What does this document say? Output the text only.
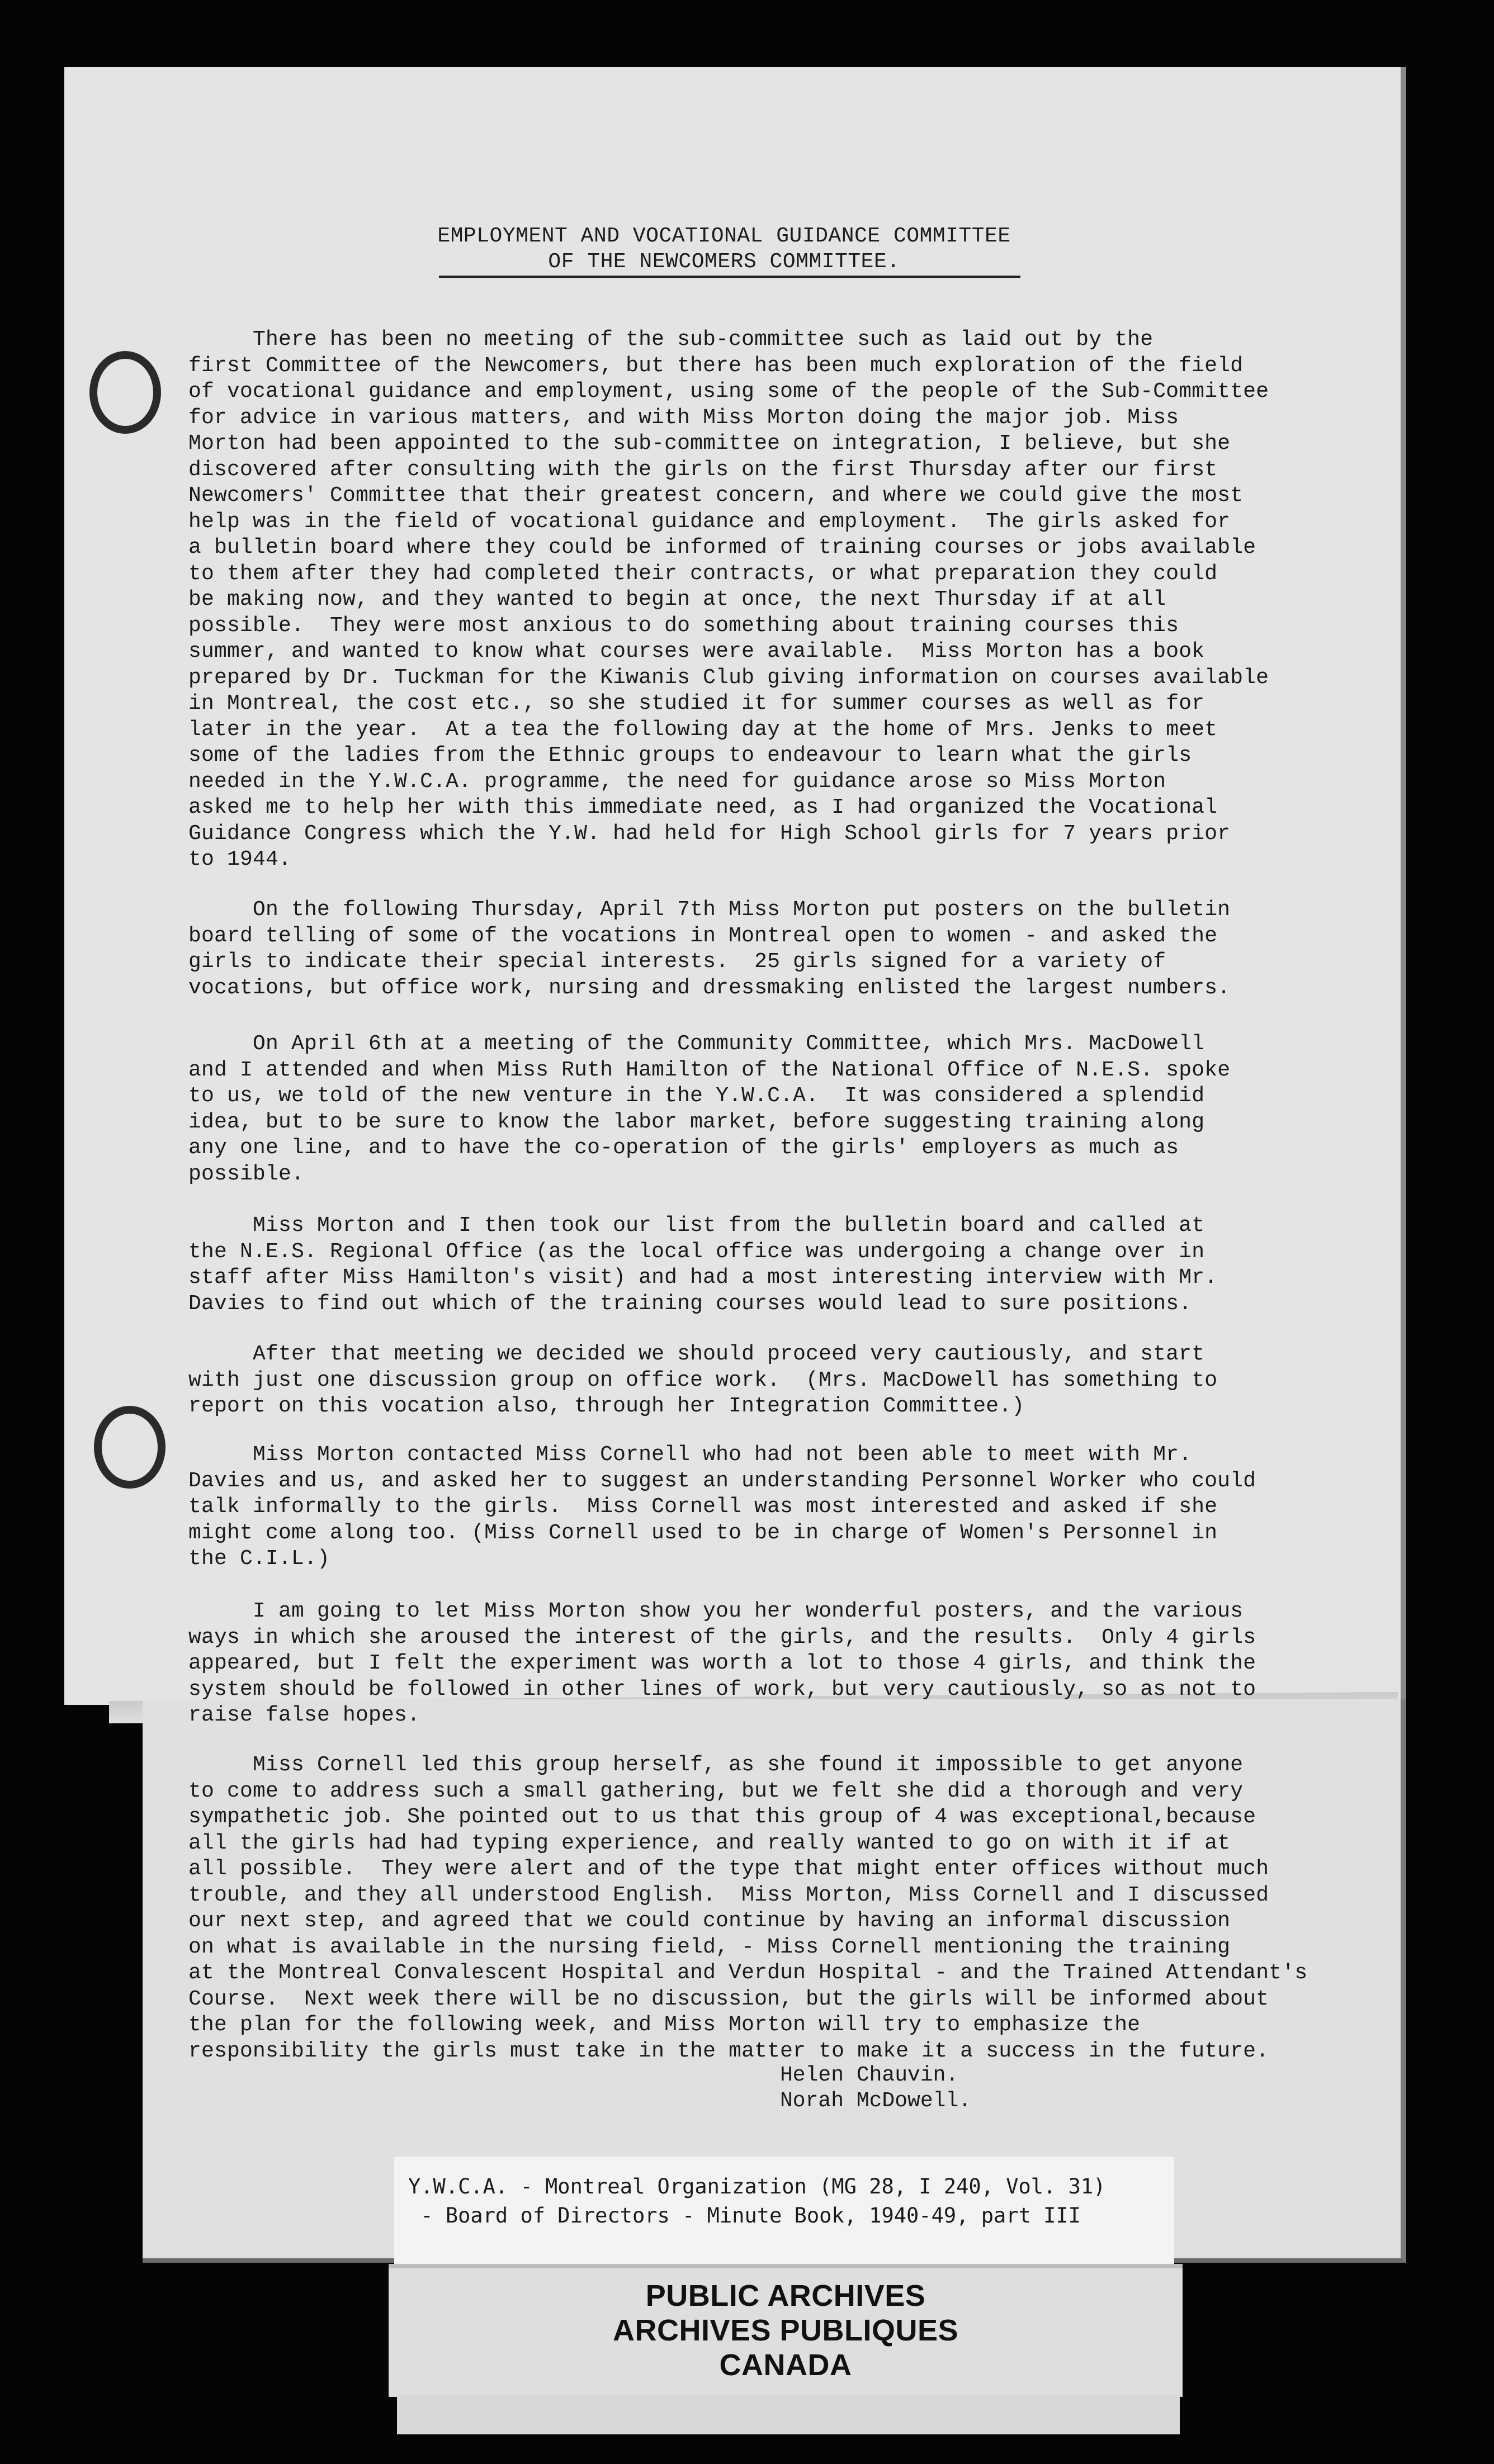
EMPLOYMENT AND VOCATIONAL GUIDANCE COMMITTEE
OF THE NEWCOMERS COMMITTEE.
There has been no meeting of the sub-committee such as laid out by the
first Committee of the Newcomers, but there has been much exploration of the field
of vocational guidance and employment, using some of the people of the Sub-Committee
for advice in various matters, and with Miss Morton doing the major job. Miss
Morton had been appointed to the sub-committee on integration, I believe, but she
discovered after consulting with the girls on the first Thursday after our first
Newcomers' Committee that their greatest concern, and where we could give the most
help was in the field of vocational guidance and employment.  The girls asked for
a bulletin board where they could be informed of training courses or jobs available
to them after they had completed their contracts, or what preparation they could
be making now, and they wanted to begin at once, the next Thursday if at all
possible.  They were most anxious to do something about training courses this
summer, and wanted to know what courses were available.  Miss Morton has a book
prepared by Dr. Tuckman for the Kiwanis Club giving information on courses available
in Montreal, the cost etc., so she studied it for summer courses as well as for
later in the year.  At a tea the following day at the home of Mrs. Jenks to meet
some of the ladies from the Ethnic groups to endeavour to learn what the girls
needed in the Y.W.C.A. programme, the need for guidance arose so Miss Morton
asked me to help her with this immediate need, as I had organized the Vocational
Guidance Congress which the Y.W. had held for High School girls for 7 years prior
to 1944.
On the following Thursday, April 7th Miss Morton put posters on the bulletin
board telling of some of the vocations in Montreal open to women - and asked the
girls to indicate their special interests.  25 girls signed for a variety of
vocations, but office work, nursing and dressmaking enlisted the largest numbers.
On April 6th at a meeting of the Community Committee, which Mrs. MacDowell
and I attended and when Miss Ruth Hamilton of the National Office of N.E.S. spoke
to us, we told of the new venture in the Y.W.C.A.  It was considered a splendid
idea, but to be sure to know the labor market, before suggesting training along
any one line, and to have the co-operation of the girls' employers as much as
possible.
Miss Morton and I then took our list from the bulletin board and called at
the N.E.S. Regional Office (as the local office was undergoing a change over in
staff after Miss Hamilton's visit) and had a most interesting interview with Mr.
Davies to find out which of the training courses would lead to sure positions.
After that meeting we decided we should proceed very cautiously, and start
with just one discussion group on office work.  (Mrs. MacDowell has something to
report on this vocation also, through her Integration Committee.)
Miss Morton contacted Miss Cornell who had not been able to meet with Mr.
Davies and us, and asked her to suggest an understanding Personnel Worker who could
talk informally to the girls.  Miss Cornell was most interested and asked if she
might come along too. (Miss Cornell used to be in charge of Women's Personnel in
the C.I.L.)
I am going to let Miss Morton show you her wonderful posters, and the various
ways in which she aroused the interest of the girls, and the results.  Only 4 girls
appeared, but I felt the experiment was worth a lot to those 4 girls, and think the
system should be followed in other lines of work, but very cautiously, so as not to
raise false hopes.
Miss Cornell led this group herself, as she found it impossible to get anyone
to come to address such a small gathering, but we felt she did a thorough and very
sympathetic job. She pointed out to us that this group of 4 was exceptional,because
all the girls had had typing experience, and really wanted to go on with it if at
all possible.  They were alert and of the type that might enter offices without much
trouble, and they all understood English.  Miss Morton, Miss Cornell and I discussed
our next step, and agreed that we could continue by having an informal discussion
on what is available in the nursing field, - Miss Cornell mentioning the training
at the Montreal Convalescent Hospital and Verdun Hospital - and the Trained Attendant's
Course.  Next week there will be no discussion, but the girls will be informed about
the plan for the following week, and Miss Morton will try to emphasize the
responsibility the girls must take in the matter to make it a success in the future.
Helen Chauvin.
Norah McDowell.
Y.W.C.A. - Montreal Organization (MG 28, I 240, Vol. 31)
- Board of Directors - Minute Book, 1940-49, part III
PUBLIC ARCHIVES
ARCHIVES PUBLIQUES
CANADA
